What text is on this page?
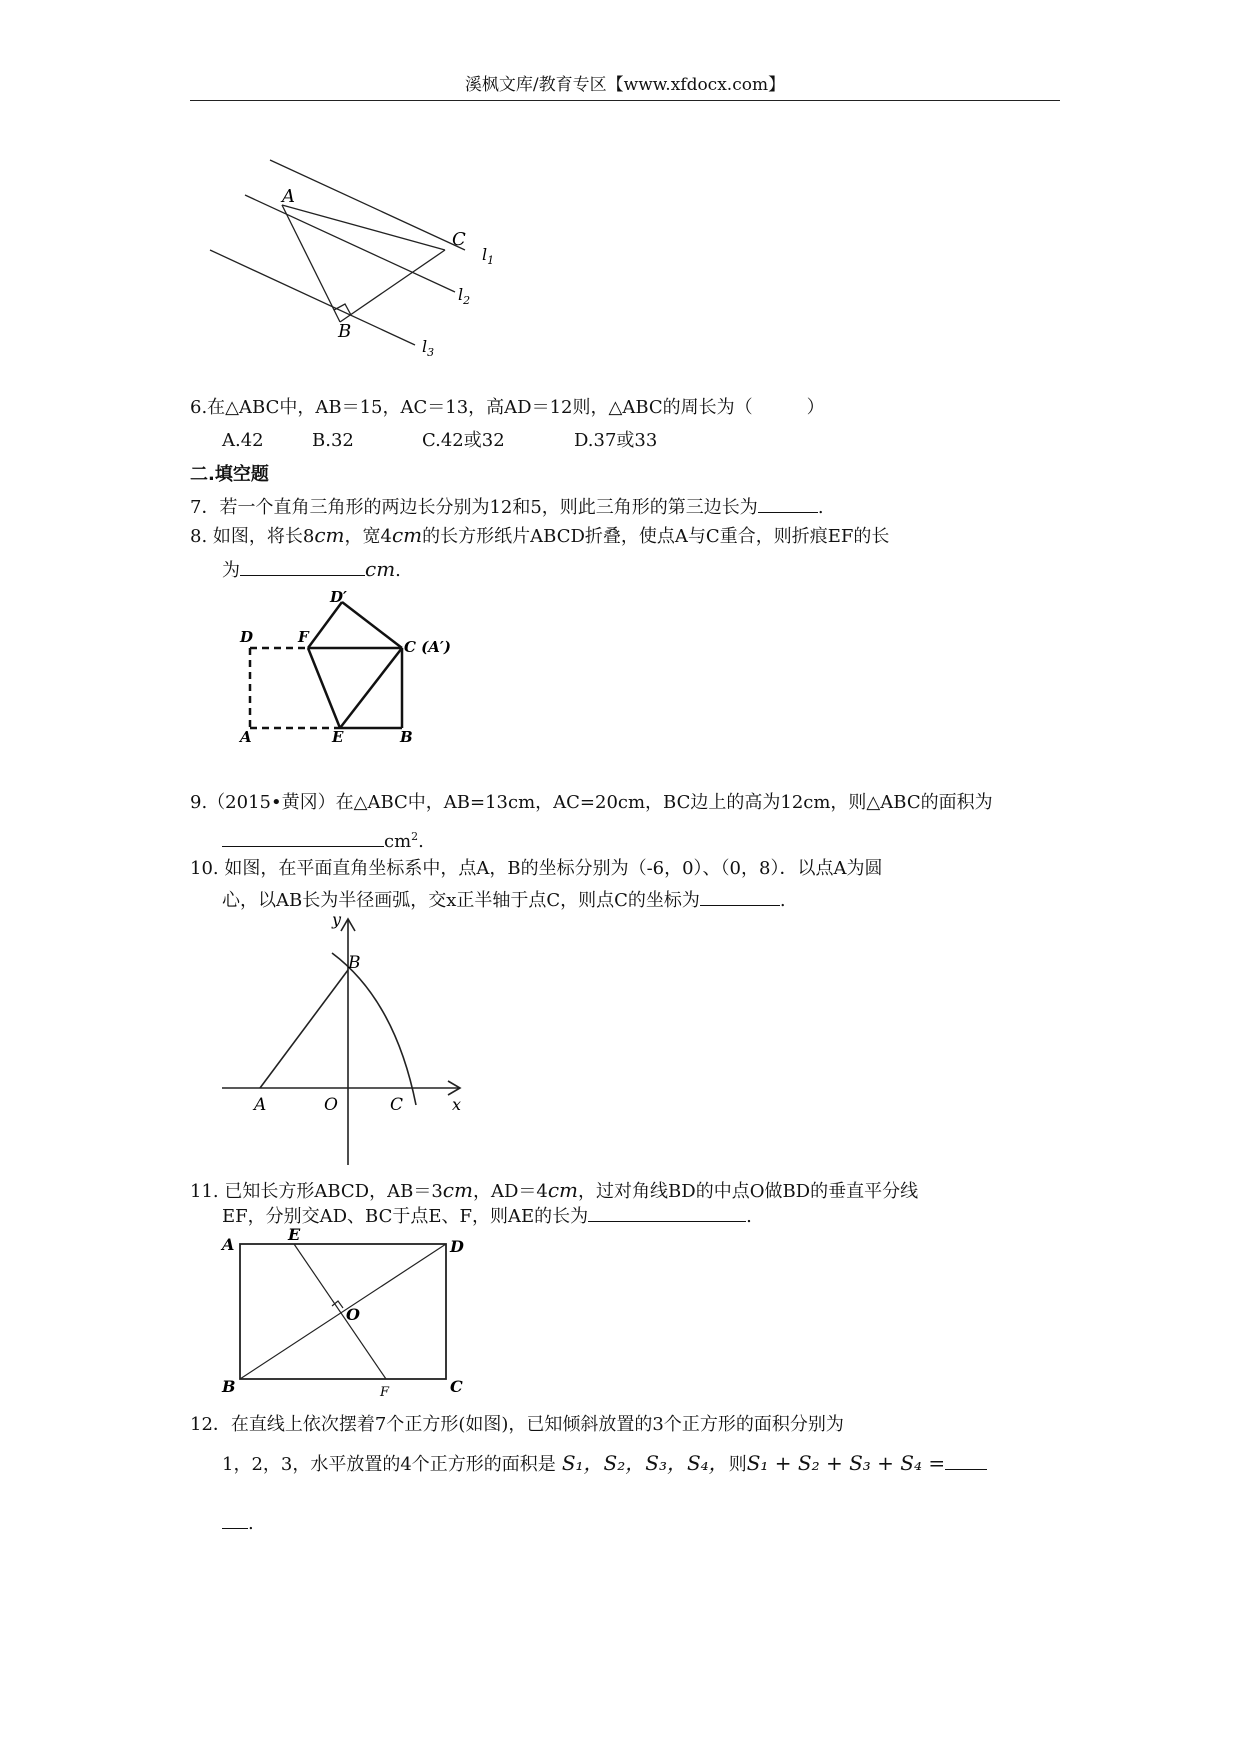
溪枫文库/教育专区【www.xfdocx.com】
A
C
B
$l_1$
$l_2$
$l_3$
6.在△ABC中，AB＝15，AC＝13，高AD＝12则，△ABC的周长为（　　　）
A.42	B.32	C.42或32	D.37或33
二.填空题
7．若一个直角三角形的两边长分别为12和5，则此三角形的第三边长为	.
8. 如图，将长8cm，宽4cm的长方形纸片ABCD折叠，使点A与C重合，则折痕EF的长
为	cm.
D′
D	F
C (A′)
A	E	B
9.（2015•黄冈）在△ABC中，AB=13cm，AC=20cm，BC边上的高为12cm，则△ABC的面积为
$cm^2$.
10. 如图，在平面直角坐标系中，点A，B的坐标分别为（-6，0）、（0，8）．以点A为圆
心，以AB长为半径画弧，交x正半轴于点C，则点C的坐标为	.
y
x
B
A	O	C
11. 已知长方形ABCD，AB＝3cm，AD＝4cm，过对角线BD的中点O做BD的垂直平分线
EF，分别交AD、BC于点E、F，则AE的长为	.
A
E
D
O
B	F	C
12．在直线上依次摆着7个正方形(如图)，已知倾斜放置的3个正方形的面积分别为
1，2，3，水平放置的4个正方形的面积是 S₁，S₂，S₃，S₄，则S₁ + S₂ + S₃ + S₄ =
.
